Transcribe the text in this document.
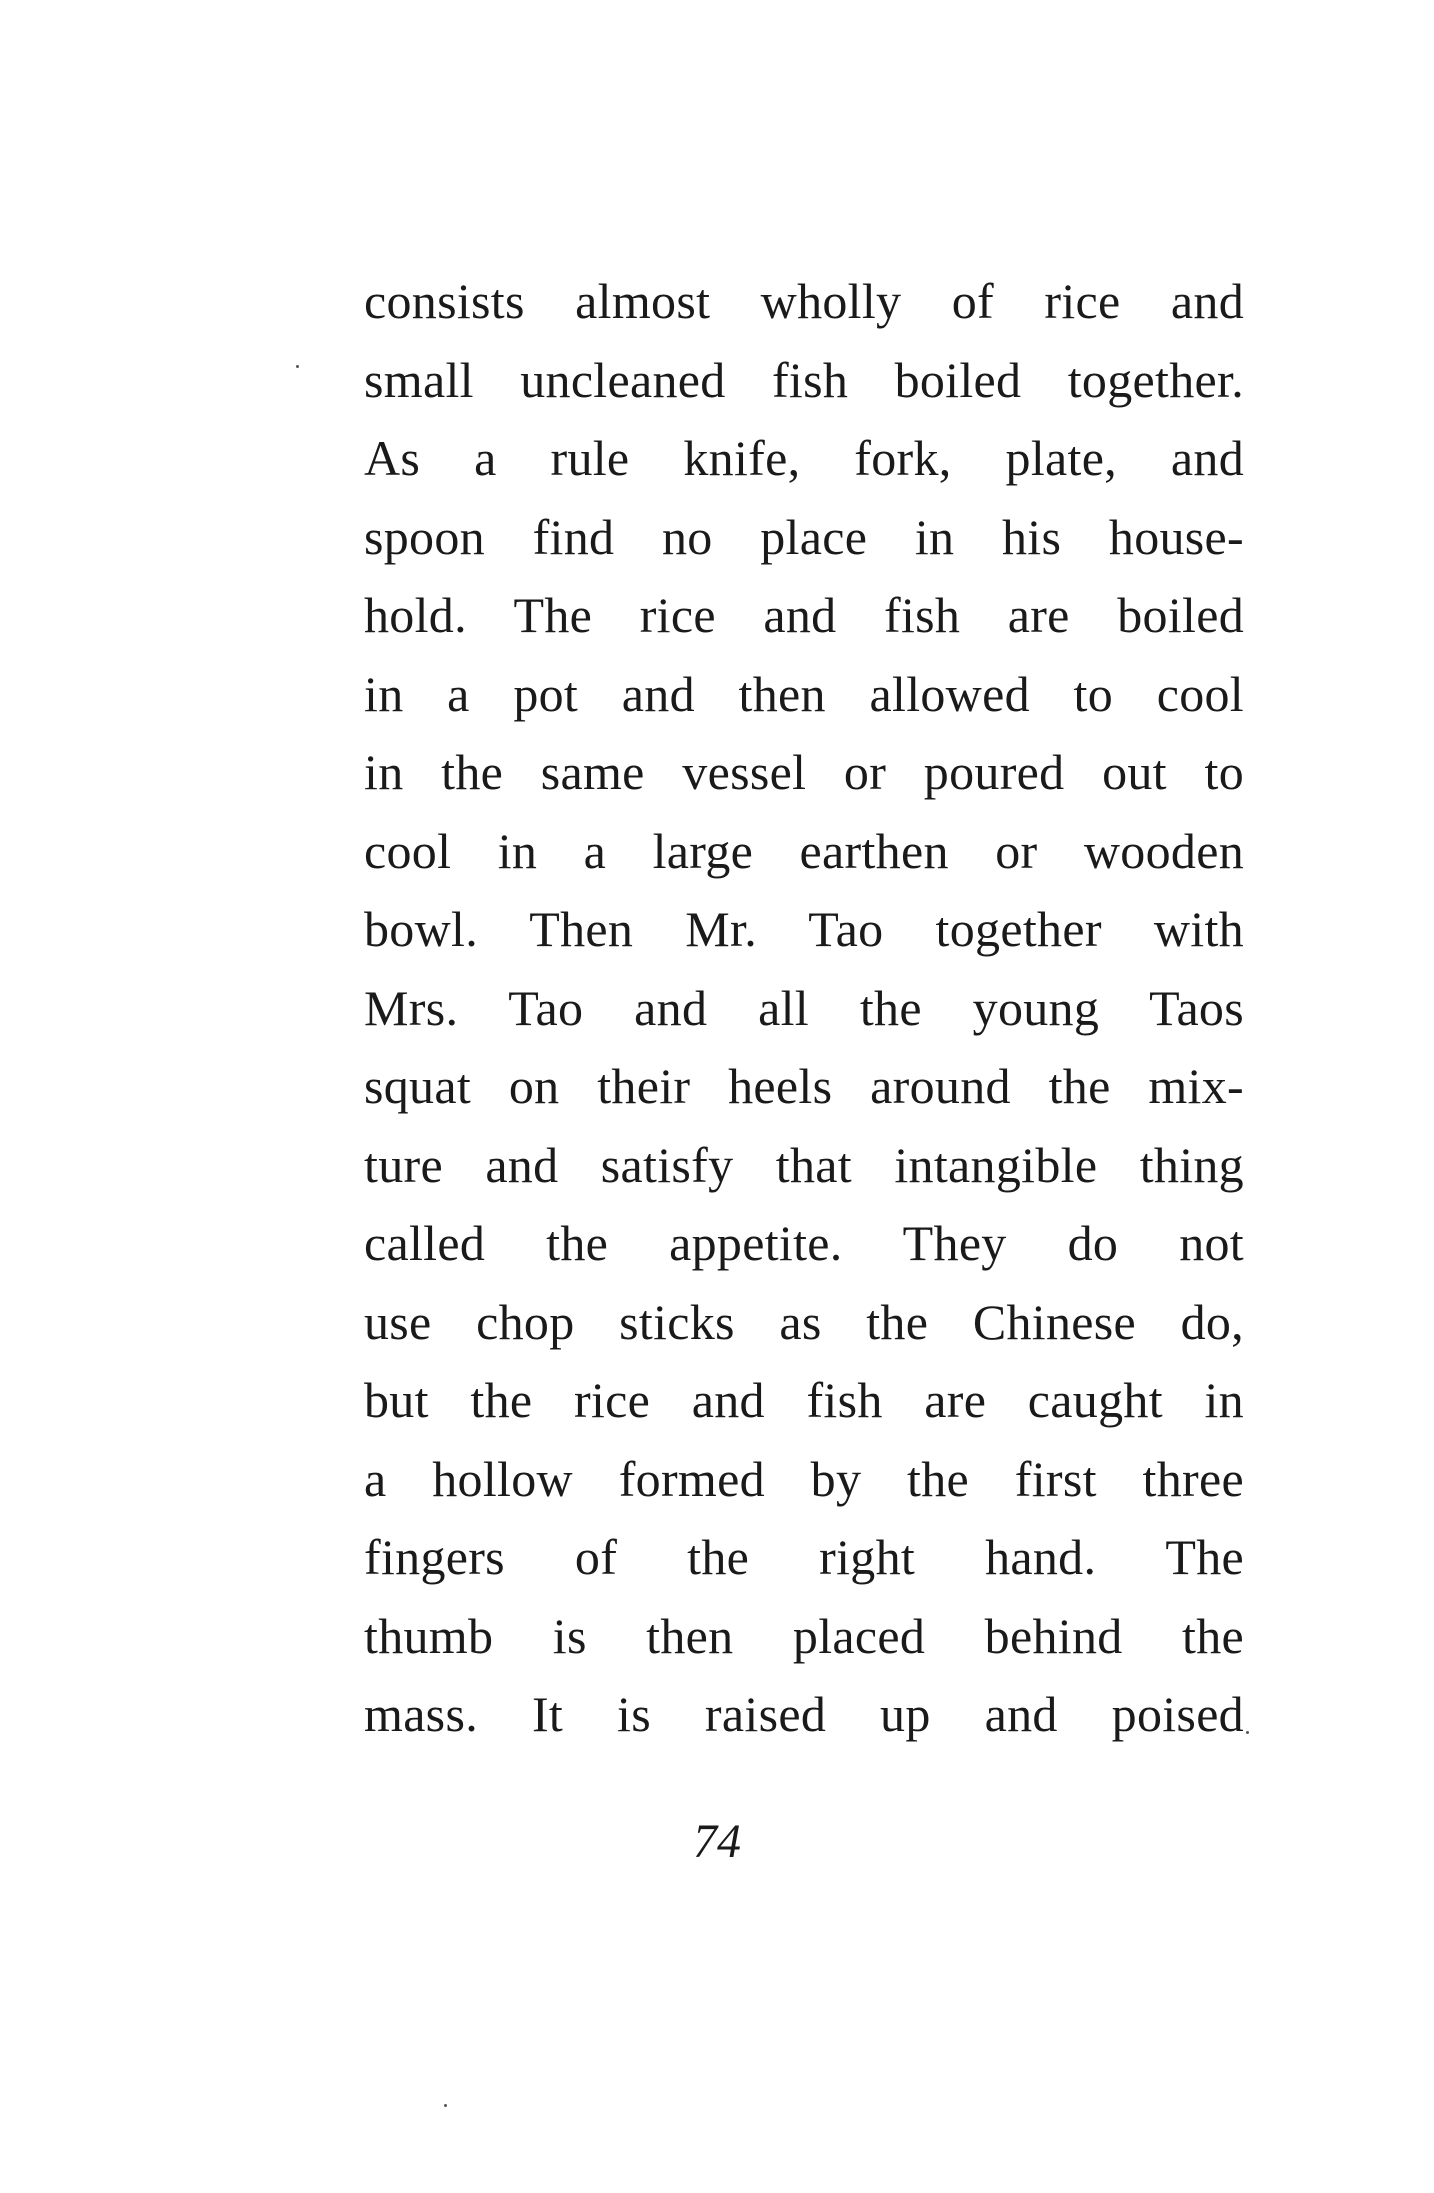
consists almost wholly of rice and
small uncleaned fish boiled together.
As a rule knife, fork, plate, and
spoon find no place in his house-
hold. The rice and fish are boiled
in a pot and then allowed to cool
in the same vessel or poured out to
cool in a large earthen or wooden
bowl. Then Mr. Tao together with
Mrs. Tao and all the young Taos
squat on their heels around the mix-
ture and satisfy that intangible thing
called the appetite. They do not
use chop sticks as the Chinese do,
but the rice and fish are caught in
a hollow formed by the first three
fingers of the right hand. The
thumb is then placed behind the
mass. It is raised up and poised
74
